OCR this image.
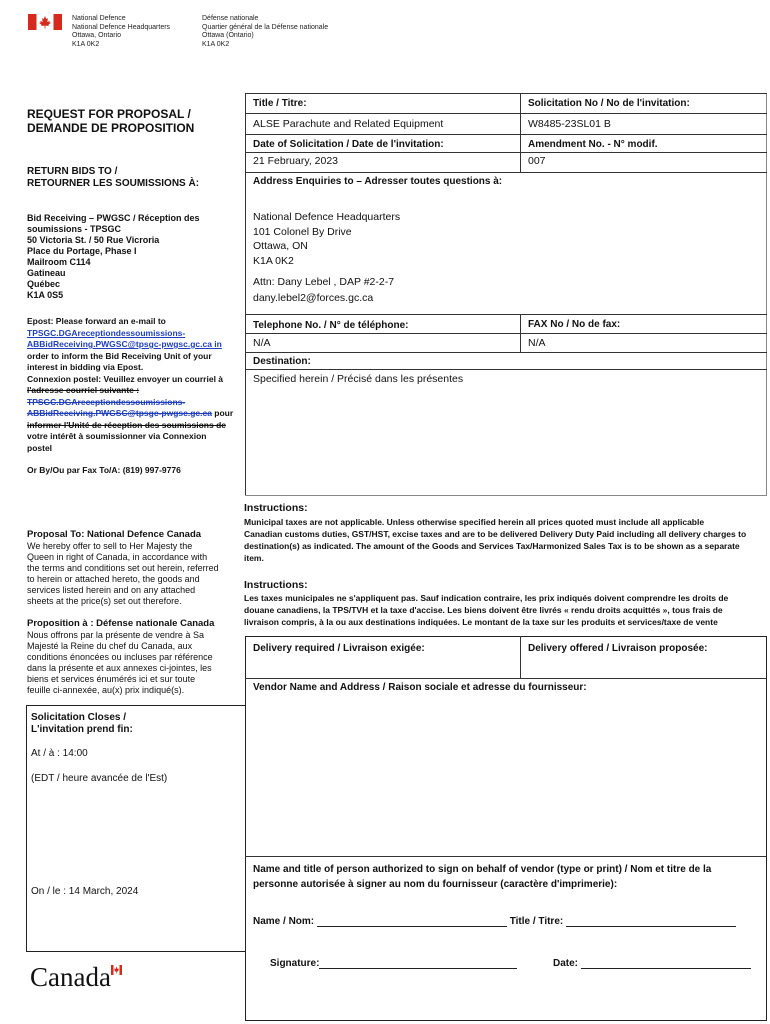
National Defence
National Defence Headquarters
Ottawa, Ontario
K1A 0K2
Défense nationale
Quartier général de la Défense nationale
Ottawa (Ontario)
K1A 0K2
REQUEST FOR PROPOSAL /
DEMANDE DE PROPOSITION
RETURN BIDS TO /
RETOURNER LES SOUMISSIONS À:
Bid Receiving – PWGSC / Réception des
soumissions - TPSGC
50 Victoria St. / 50 Rue Vicroria
Place du Portage, Phase I
Mailroom C114
Gatineau
Québec
K1A 0S5
Epost: Please forward an e-mail to
TPSGC.DGAreceptiondessoumissions-
ABBidReceiving.PWGSC@tpsgc-pwgsc.gc.ca in
order to inform the Bid Receiving Unit of your
interest in bidding via Epost.
Connexion postel: Veuillez envoyer un courriel à
l'adresse courriel suivante :
TPSGC.DGAreceptiondessoumissions-
ABBidReceiving.PWGSC@tpsgc-pwgsc.gc.ca pour
informer l'Unité de réception des soumissions de
votre intérêt à soumissionner via Connexion
postel
Or By/Ou par Fax To/A: (819) 997-9776
Proposal To: National Defence Canada
We hereby offer to sell to Her Majesty the
Queen in right of Canada, in accordance with
the terms and conditions set out herein, referred
to herein or attached hereto, the goods and
services listed herein and on any attached
sheets at the price(s) set out therefore.
Proposition à : Défense nationale Canada
Nous offrons par la présente de vendre à Sa
Majesté la Reine du chef du Canada, aux
conditions énoncées ou incluses par référence
dans la présente et aux annexes ci-jointes, les
biens et services énumérés ici et sur toute
feuille ci-annexée, au(x) prix indiqué(s).
Solicitation Closes /
L'invitation prend fin:
At / à : 14:00
(EDT / heure avancée de l'Est)
On / le : 14 March, 2024
Canada
Title / Titre:	Solicitation No / No de l'invitation:
ALSE Parachute and Related Equipment	W8485-23SL01 B
Date of Solicitation / Date de l'invitation:	Amendment No. - N° modif.
21 February, 2023	007
Address Enquiries to – Adresser toutes questions à:
National Defence Headquarters
101 Colonel By Drive
Ottawa, ON
K1A 0K2
Attn: Dany Lebel , DAP #2-2-7
dany.lebel2@forces.gc.ca
Telephone No. / N° de téléphone:	FAX No / No de fax:
N/A	N/A
Destination:
Specified herein / Précisé dans les présentes
Instructions:
Municipal taxes are not applicable. Unless otherwise specified herein all prices quoted must include all applicable
Canadian customs duties, GST/HST, excise taxes and are to be delivered Delivery Duty Paid including all delivery charges to
destination(s) as indicated. The amount of the Goods and Services Tax/Harmonized Sales Tax is to be shown as a separate
item.
Instructions:
Les taxes municipales ne s'appliquent pas. Sauf indication contraire, les prix indiqués doivent comprendre les droits de
douane canadiens, la TPS/TVH et la taxe d'accise. Les biens doivent être livrés « rendu droits acquittés », tous frais de
livraison compris, à la ou aux destinations indiquées. Le montant de la taxe sur les produits et services/taxe de vente
Delivery required / Livraison exigée:	Delivery offered / Livraison proposée:
Vendor Name and Address / Raison sociale et adresse du fournisseur:
Name and title of person authorized to sign on behalf of vendor (type or print) / Nom et titre de la
personne autorisée à signer au nom du fournisseur (caractère d'imprimerie):
Name / Nom:	Title / Titre:
Signature:	Date:
